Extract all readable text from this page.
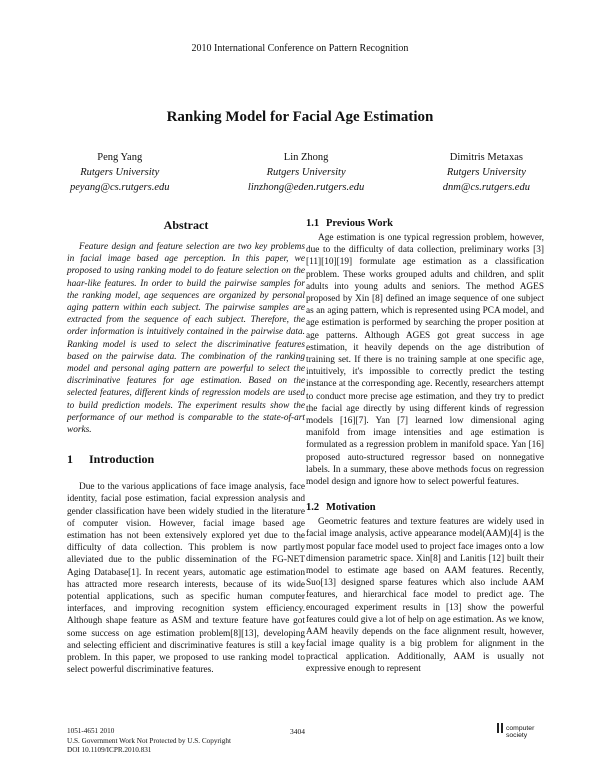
2010 International Conference on Pattern Recognition
Ranking Model for Facial Age Estimation
Peng Yang
Rutgers University
peyang@cs.rutgers.edu
Lin Zhong
Rutgers University
linzhong@eden.rutgers.edu
Dimitris Metaxas
Rutgers University
dnm@cs.rutgers.edu
Abstract

Feature design and feature selection are two key problems in facial image based age perception. In this paper, we proposed to using ranking model to do feature selection on the haar-like features. In order to build the pairwise samples for the ranking model, age sequences are organized by personal aging pattern within each subject. The pairwise samples are extracted from the sequence of each subject. Therefore, the order information is intuitively contained in the pairwise data. Ranking model is used to select the discriminative features based on the pairwise data. The combination of the ranking model and personal aging pattern are powerful to select the discriminative features for age estimation. Based on the selected features, different kinds of regression models are used to build prediction models. The experiment results show the performance of our method is comparable to the state-of-art works.

1 Introduction

Due to the various applications of face image analysis, face identity, facial pose estimation, facial expression analysis and gender classification have been widely studied in the literature of computer vision. However, facial image based age estimation has not been extensively explored yet due to the difficulty of data collection. This problem is now partly alleviated due to the public dissemination of the FG-NET Aging Database[1]. In recent years, automatic age estimation has attracted more research interests, because of its wide potential applications, such as specific human computer interfaces, and improving recognition system efficiency. Although shape feature as ASM and texture feature have got some success on age estimation problem[8][13], developing and selecting efficient and discriminative features is still a key problem. In this paper, we proposed to use ranking model to select powerful discriminative features.

1.1 Previous Work

Age estimation is one typical regression problem, however, due to the difficulty of data collection, preliminary works [3][11][10][19] formulate age estimation as a classification problem. These works grouped adults and children, and split adults into young adults and seniors. The method AGES proposed by Xin [8] defined an image sequence of one subject as an aging pattern, which is represented using PCA model, and age estimation is performed by searching the proper position at age patterns. Although AGES got great success in age estimation, it heavily depends on the age distribution of training set. If there is no training sample at one specific age, intuitively, it's impossible to correctly predict the testing instance at the corresponding age. Recently, researchers attempt to conduct more precise age estimation, and they try to predict the facial age directly by using different kinds of regression models [16][7]. Yan [7] learned low dimensional aging manifold from image intensities and age estimation is formulated as a regression problem in manifold space. Yan [16] proposed auto-structured regressor based on nonnegative labels. In a summary, these above methods focus on regression model design and ignore how to select powerful features.

1.2 Motivation

Geometric features and texture features are widely used in facial image analysis, active appearance model(AAM)[4] is the most popular face model used to project face images onto a low dimension parametric space. Xin[8] and Lanitis [12] built their model to estimate age based on AAM features. Recently, Suo[13] designed sparse features which also include AAM features, and hierarchical face model to predict age. The encouraged experiment results in [13] show the powerful features could give a lot of help on age estimation. As we know, AAM heavily depends on the face alignment result, however, facial image quality is a big problem for alignment in the practical application. Additionally, AAM is usually not expressive enough to represent

1051-4651 2010
U.S. Government Work Not Protected by U.S. Copyright
DOI 10.1109/ICPR.2010.831
3404	computer
society
